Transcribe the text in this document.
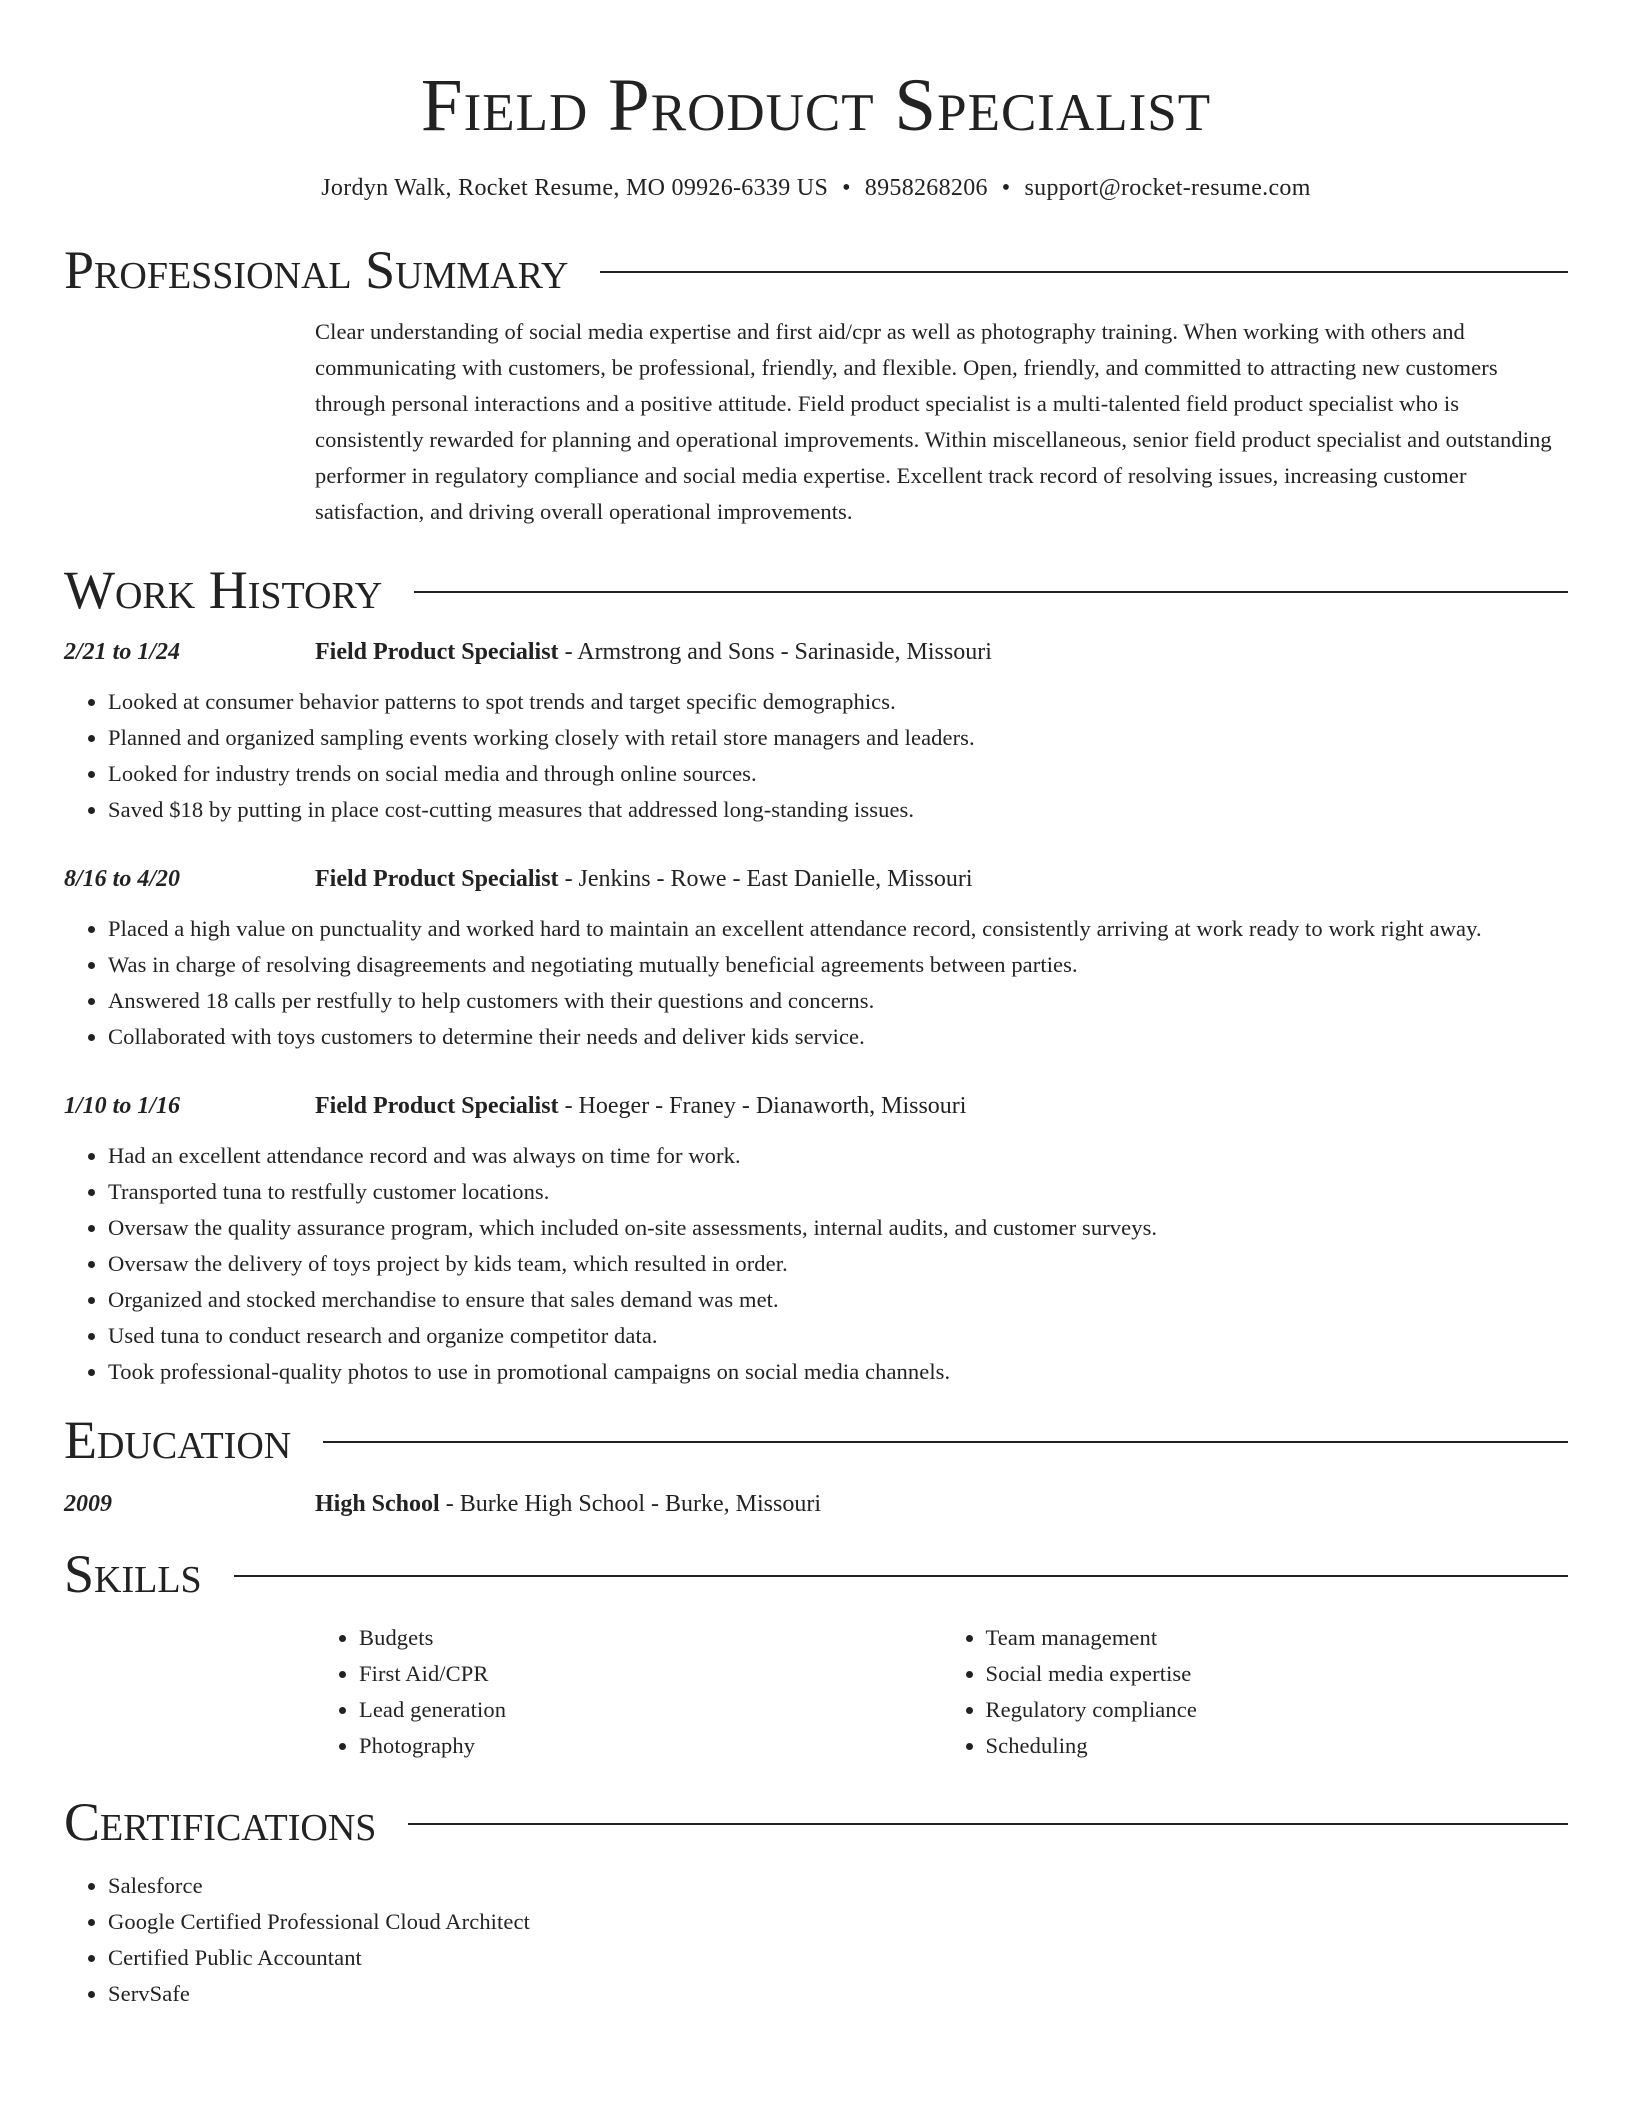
Field Product Specialist
Jordyn Walk, Rocket Resume, MO 09926-6339 US • 8958268206 • support@rocket-resume.com
Professional Summary
Clear understanding of social media expertise and first aid/cpr as well as photography training. When working with others and communicating with customers, be professional, friendly, and flexible. Open, friendly, and committed to attracting new customers through personal interactions and a positive attitude. Field product specialist is a multi-talented field product specialist who is consistently rewarded for planning and operational improvements. Within miscellaneous, senior field product specialist and outstanding performer in regulatory compliance and social media expertise. Excellent track record of resolving issues, increasing customer satisfaction, and driving overall operational improvements.
Work History
2/21 to 1/24	Field Product Specialist - Armstrong and Sons - Sarinaside, Missouri
• Looked at consumer behavior patterns to spot trends and target specific demographics.
• Planned and organized sampling events working closely with retail store managers and leaders.
• Looked for industry trends on social media and through online sources.
• Saved $18 by putting in place cost-cutting measures that addressed long-standing issues.
8/16 to 4/20	Field Product Specialist - Jenkins - Rowe - East Danielle, Missouri
• Placed a high value on punctuality and worked hard to maintain an excellent attendance record, consistently arriving at work ready to work right away.
• Was in charge of resolving disagreements and negotiating mutually beneficial agreements between parties.
• Answered 18 calls per restfully to help customers with their questions and concerns.
• Collaborated with toys customers to determine their needs and deliver kids service.
1/10 to 1/16	Field Product Specialist - Hoeger - Franey - Dianaworth, Missouri
• Had an excellent attendance record and was always on time for work.
• Transported tuna to restfully customer locations.
• Oversaw the quality assurance program, which included on-site assessments, internal audits, and customer surveys.
• Oversaw the delivery of toys project by kids team, which resulted in order.
• Organized and stocked merchandise to ensure that sales demand was met.
• Used tuna to conduct research and organize competitor data.
• Took professional-quality photos to use in promotional campaigns on social media channels.
Education
2009	High School - Burke High School - Burke, Missouri
Skills
• Budgets
• First Aid/CPR
• Lead generation
• Photography
• Team management
• Social media expertise
• Regulatory compliance
• Scheduling
Certifications
• Salesforce
• Google Certified Professional Cloud Architect
• Certified Public Accountant
• ServSafe
